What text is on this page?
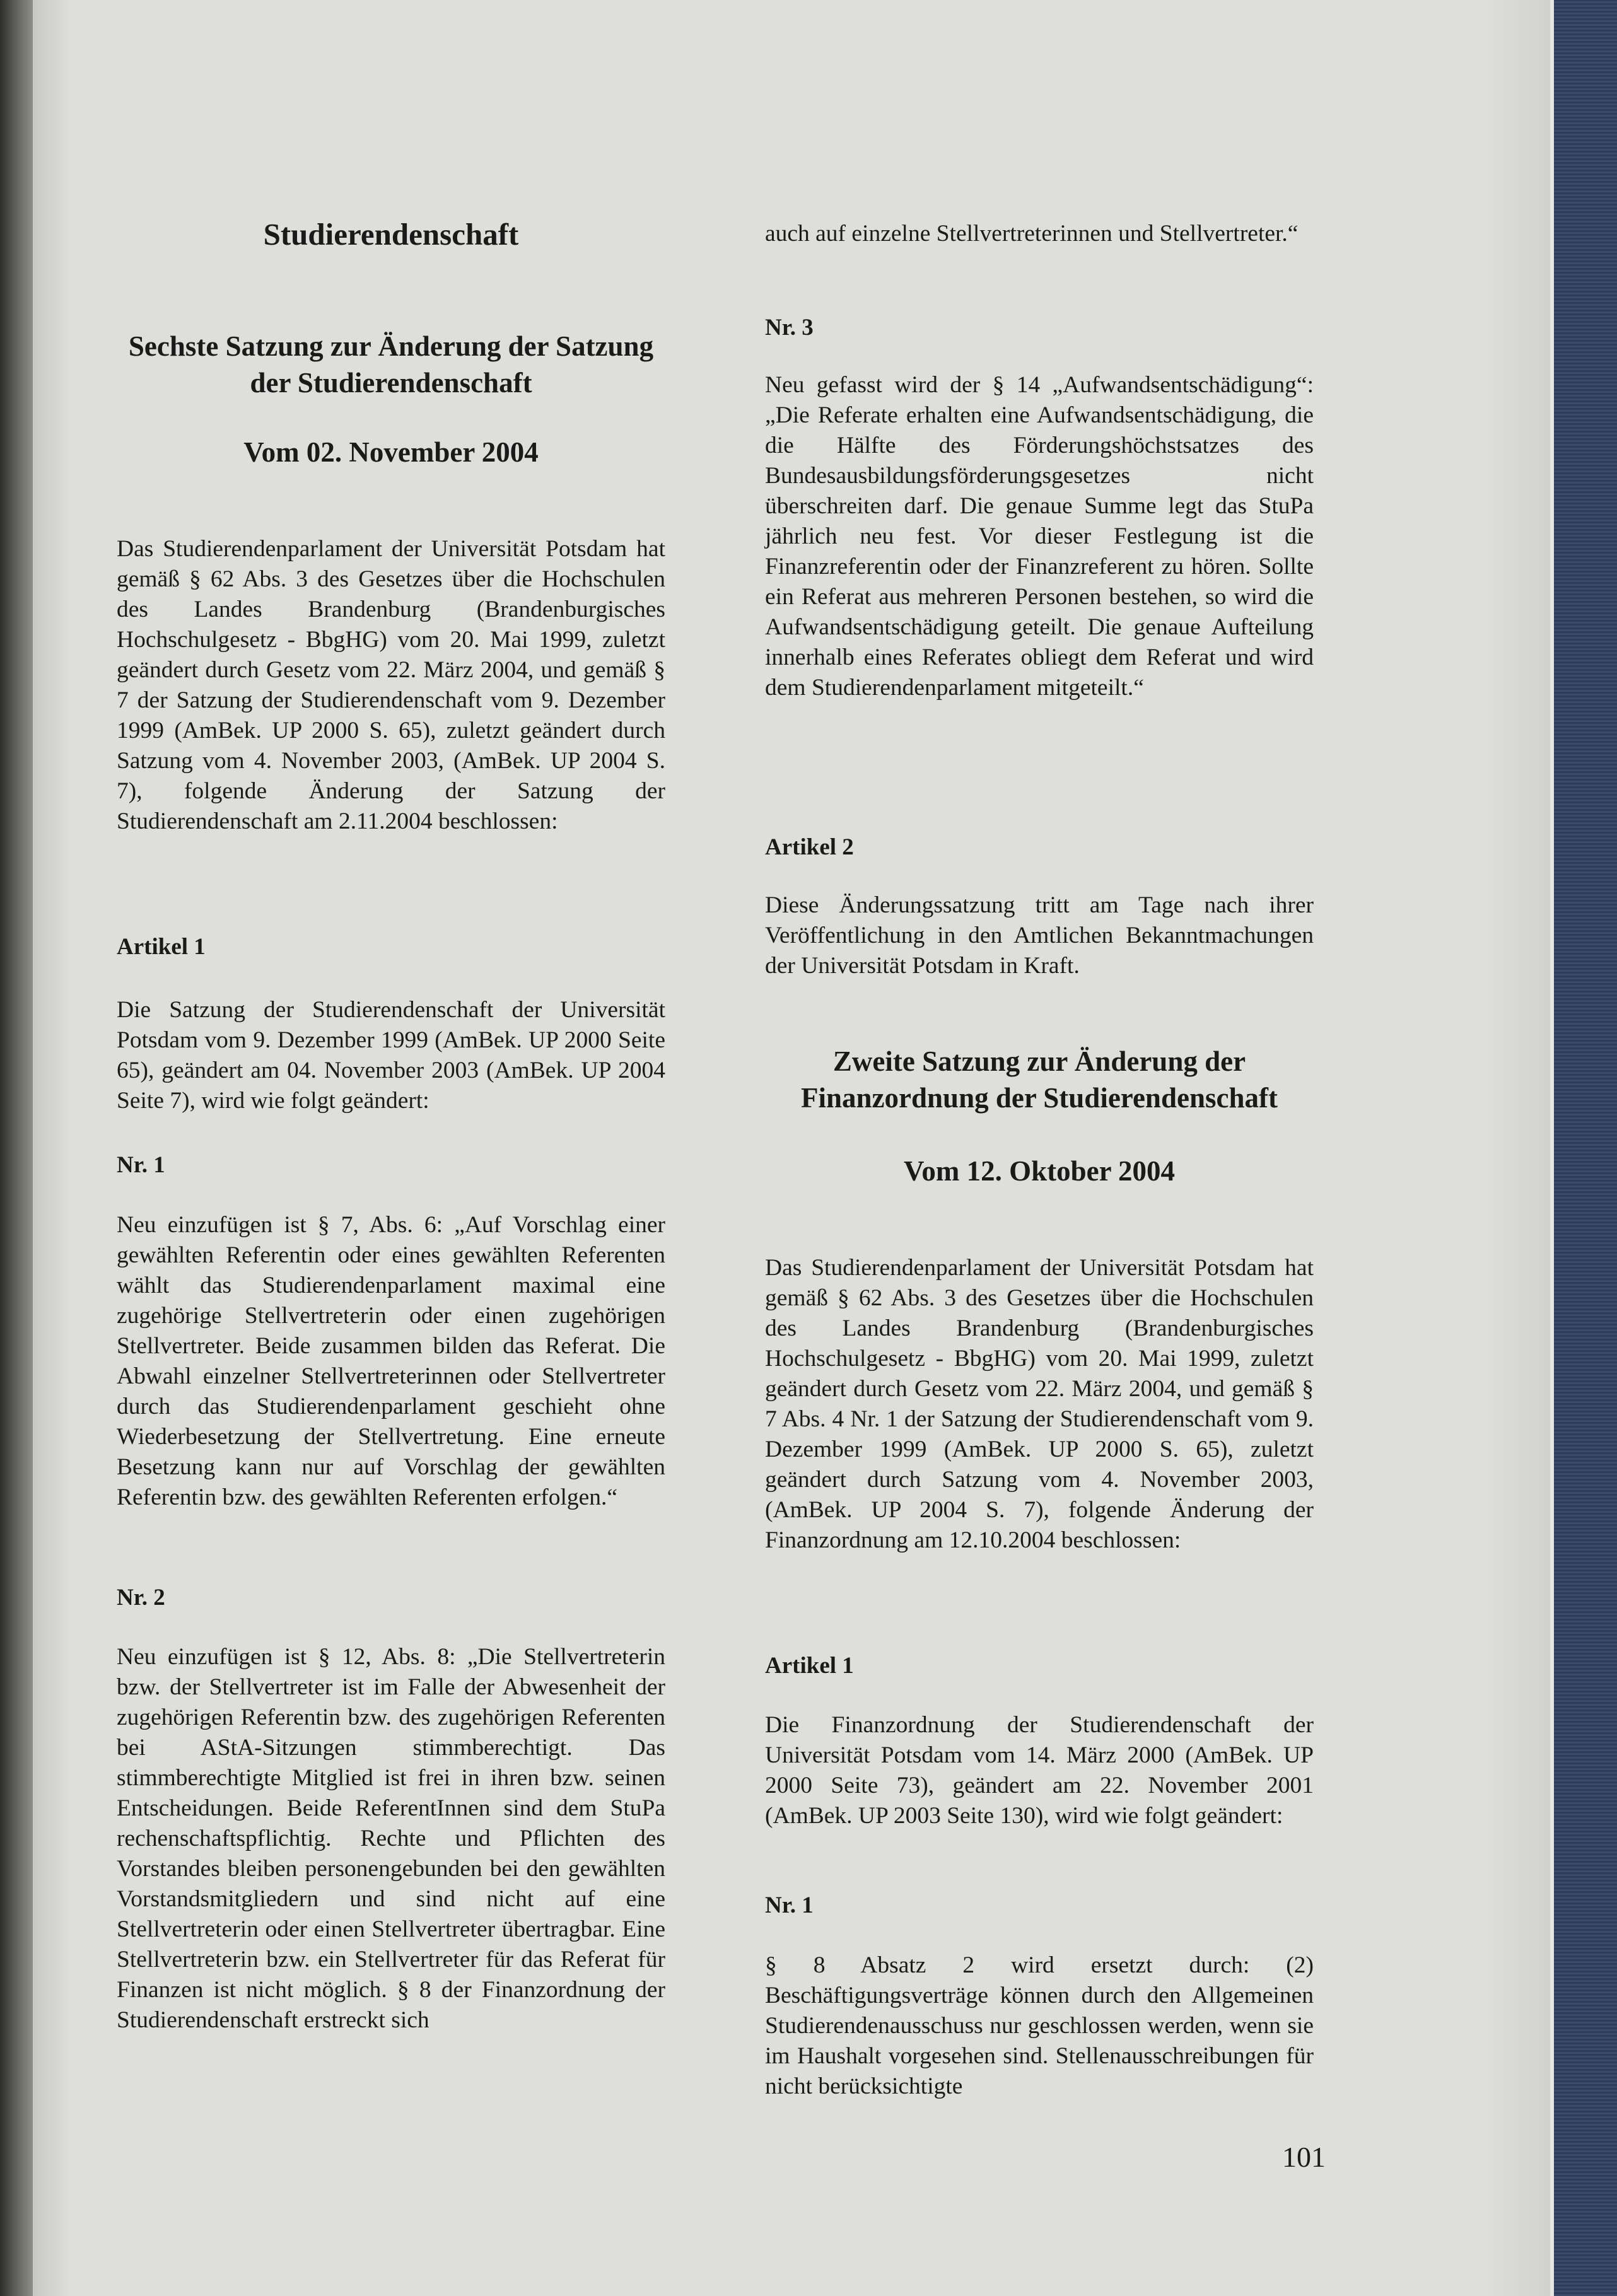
Studierendenschaft
Sechste Satzung zur Änderung der Satzung der Studierendenschaft
Vom 02. November 2004

Das Studierendenparlament der Universität Potsdam hat gemäß § 62 Abs. 3 des Gesetzes über die Hochschulen des Landes Brandenburg (Brandenburgisches Hochschulgesetz - BbgHG) vom 20. Mai 1999, zuletzt geändert durch Gesetz vom 22. März 2004, und gemäß § 7 der Satzung der Studierendenschaft vom 9. Dezember 1999 (AmBek. UP 2000 S. 65), zuletzt geändert durch Satzung vom 4. November 2003, (AmBek. UP 2004 S. 7), folgende Änderung der Satzung der Studierendenschaft am 2.11.2004 beschlossen:

Artikel 1

Die Satzung der Studierendenschaft der Universität Potsdam vom 9. Dezember 1999 (AmBek. UP 2000 Seite 65), geändert am 04. November 2003 (AmBek. UP 2004 Seite 7), wird wie folgt geändert:

Nr. 1

Neu einzufügen ist § 7, Abs. 6: „Auf Vorschlag einer gewählten Referentin oder eines gewählten Referenten wählt das Studierendenparlament maximal eine zugehörige Stellvertreterin oder einen zugehörigen Stellvertreter. Beide zusammen bilden das Referat. Die Abwahl einzelner Stellvertreterinnen oder Stellvertreter durch das Studierendenparlament geschieht ohne Wiederbesetzung der Stellvertretung. Eine erneute Besetzung kann nur auf Vorschlag der gewählten Referentin bzw. des gewählten Referenten erfolgen.“

Nr. 2

Neu einzufügen ist § 12, Abs. 8: „Die Stellvertreterin bzw. der Stellvertreter ist im Falle der Abwesenheit der zugehörigen Referentin bzw. des zugehörigen Referenten bei AStA-Sitzungen stimmberechtigt. Das stimmberechtigte Mitglied ist frei in ihren bzw. seinen Entscheidungen. Beide ReferentInnen sind dem StuPa rechenschaftspflichtig. Rechte und Pflichten des Vorstandes bleiben personengebunden bei den gewählten Vorstandsmitgliedern und sind nicht auf eine Stellvertreterin oder einen Stellvertreter übertragbar. Eine Stellvertreterin bzw. ein Stellvertreter für das Referat für Finanzen ist nicht möglich. § 8 der Finanzordnung der Studierendenschaft erstreckt sich

auch auf einzelne Stellvertreterinnen und Stellvertreter.“

Nr. 3

Neu gefasst wird der § 14 „Aufwandsentschädigung“: „Die Referate erhalten eine Aufwandsentschädigung, die die Hälfte des Förderungshöchstsatzes des Bundesausbildungsförderungsgesetzes nicht überschreiten darf. Die genaue Summe legt das StuPa jährlich neu fest. Vor dieser Festlegung ist die Finanzreferentin oder der Finanzreferent zu hören. Sollte ein Referat aus mehreren Personen bestehen, so wird die Aufwandsentschädigung geteilt. Die genaue Aufteilung innerhalb eines Referates obliegt dem Referat und wird dem Studierendenparlament mitgeteilt.“

Artikel 2

Diese Änderungssatzung tritt am Tage nach ihrer Veröffentlichung in den Amtlichen Bekanntmachungen der Universität Potsdam in Kraft.

Zweite Satzung zur Änderung der Finanzordnung der Studierendenschaft
Vom 12. Oktober 2004

Das Studierendenparlament der Universität Potsdam hat gemäß § 62 Abs. 3 des Gesetzes über die Hochschulen des Landes Brandenburg (Brandenburgisches Hochschulgesetz - BbgHG) vom 20. Mai 1999, zuletzt geändert durch Gesetz vom 22. März 2004, und gemäß § 7 Abs. 4 Nr. 1 der Satzung der Studierendenschaft vom 9. Dezember 1999 (AmBek. UP 2000 S. 65), zuletzt geändert durch Satzung vom 4. November 2003, (AmBek. UP 2004 S. 7), folgende Änderung der Finanzordnung am 12.10.2004 beschlossen:

Artikel 1

Die Finanzordnung der Studierendenschaft der Universität Potsdam vom 14. März 2000 (AmBek. UP 2000 Seite 73), geändert am 22. November 2001 (AmBek. UP 2003 Seite 130), wird wie folgt geändert:

Nr. 1

§ 8 Absatz 2 wird ersetzt durch: (2) Beschäftigungsverträge können durch den Allgemeinen Studierendenausschuss nur geschlossen werden, wenn sie im Haushalt vorgesehen sind. Stellenausschreibungen für nicht berücksichtigte

101
